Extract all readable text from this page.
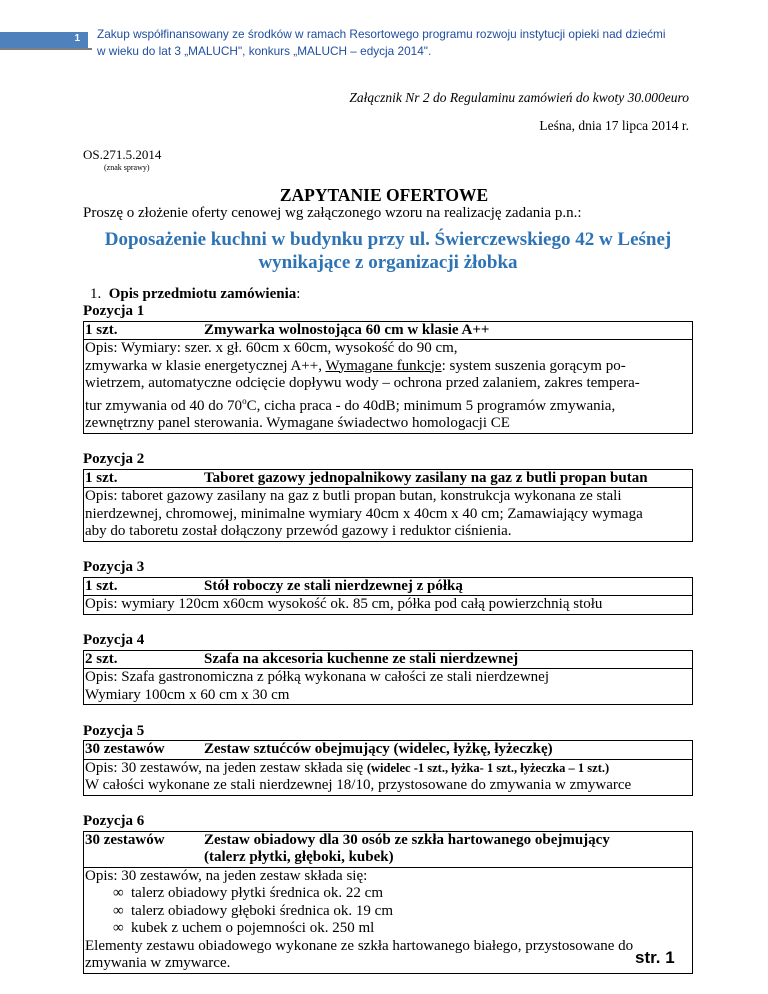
1 Zakup współfinansowany ze środków w ramach Resortowego programu rozwoju instytucji opieki nad dziećmi
w wieku do lat 3 „MALUCH", konkurs „MALUCH – edycja 2014".
Załącznik Nr 2 do Regulaminu zamówień do kwoty 30.000euro
Leśna, dnia 17 lipca 2014 r.
OS.271.5.2014
(znak sprawy)
ZAPYTANIE OFERTOWE
Proszę o złożenie oferty cenowej wg załączonego wzoru na realizację zadania p.n.:
Doposażenie kuchni w budynku przy ul. Świerczewskiego 42 w Leśnej
wynikające z organizacji żłobka
1. Opis przedmiotu zamówienia:
Pozycja 1
1 szt.	Zmywarka wolnostojąca 60 cm w klasie A++
Opis: Wymiary: szer. x gł. 60cm x 60cm, wysokość do 90 cm,
zmywarka w klasie energetycznej A++, Wymagane funkcje: system suszenia gorącym po-
wietrzem, automatyczne odcięcie dopływu wody – ochrona przed zalaniem, zakres tempera-
tur zmywania od 40 do 70$^o$C, cicha praca - do 40dB; minimum 5 programów zmywania,
zewnętrzny panel sterowania. Wymagane świadectwo homologacji CE
Pozycja 2
1 szt.	Taboret gazowy jednopalnikowy zasilany na gaz z butli propan butan
Opis: taboret gazowy zasilany na gaz z butli propan butan, konstrukcja wykonana ze stali
nierdzewnej, chromowej, minimalne wymiary 40cm x 40cm x 40 cm; Zamawiający wymaga
aby do taboretu został dołączony przewód gazowy i reduktor ciśnienia.
Pozycja 3
1 szt.	Stół roboczy ze stali nierdzewnej z półką
Opis: wymiary 120cm x60cm wysokość ok. 85 cm, półka pod całą powierzchnią stołu
Pozycja 4
2 szt.	Szafa na akcesoria kuchenne ze stali nierdzewnej
Opis: Szafa gastronomiczna z półką wykonana w całości ze stali nierdzewnej
Wymiary 100cm x 60 cm x 30 cm
Pozycja 5
30 zestawów	Zestaw sztućców obejmujący (widelec, łyżkę, łyżeczkę)
Opis: 30 zestawów, na jeden zestaw składa się (widelec -1 szt., łyżka- 1 szt., łyżeczka – 1 szt.)
W całości wykonane ze stali nierdzewnej 18/10, przystosowane do zmywania w zmywarce
Pozycja 6
30 zestawów	Zestaw obiadowy dla 30 osób ze szkła hartowanego obejmujący
(talerz płytki, głęboki, kubek)
Opis: 30 zestawów, na jeden zestaw składa się:
∞ talerz obiadowy płytki średnica ok. 22 cm
∞ talerz obiadowy głęboki średnica ok. 19 cm
∞ kubek z uchem o pojemności ok. 250 ml
Elementy zestawu obiadowego wykonane ze szkła hartowanego białego, przystosowane do
zmywania w zmywarce.	str. 1
